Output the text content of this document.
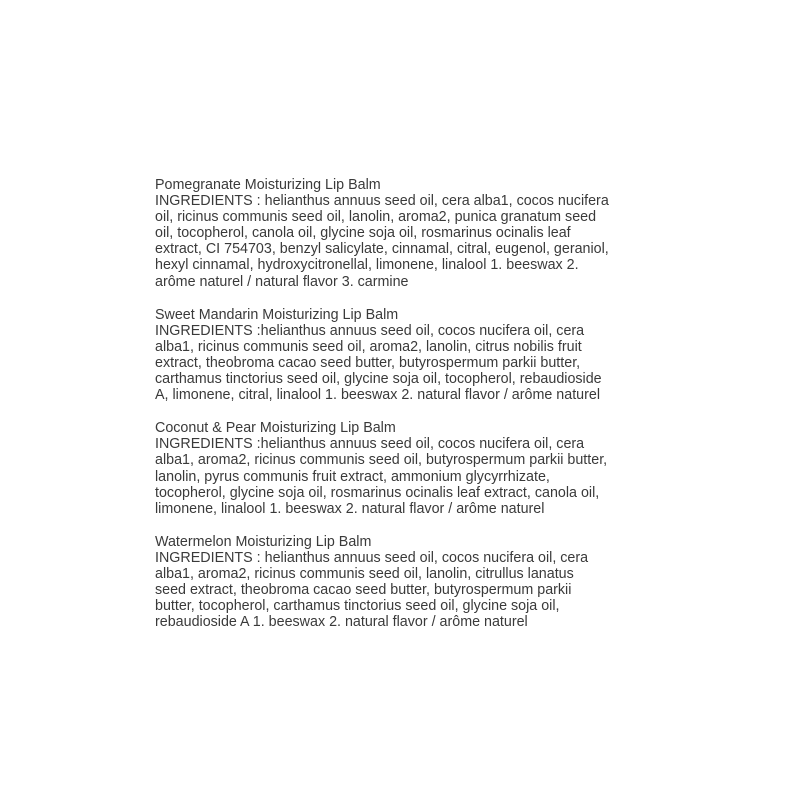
Pomegranate Moisturizing Lip Balm
INGREDIENTS : helianthus annuus seed oil, cera alba1, cocos nucifera
oil, ricinus communis seed oil, lanolin, aroma2, punica granatum seed
oil, tocopherol, canola oil, glycine soja oil, rosmarinus ocinalis leaf
extract, CI 754703, benzyl salicylate, cinnamal, citral, eugenol, geraniol,
hexyl cinnamal, hydroxycitronellal, limonene, linalool 1. beeswax 2.
arôme naturel / natural flavor 3. carmine
Sweet Mandarin Moisturizing Lip Balm
INGREDIENTS :helianthus annuus seed oil, cocos nucifera oil, cera
alba1, ricinus communis seed oil, aroma2, lanolin, citrus nobilis fruit
extract, theobroma cacao seed butter, butyrospermum parkii butter,
carthamus tinctorius seed oil, glycine soja oil, tocopherol, rebaudioside
A, limonene, citral, linalool 1. beeswax 2. natural flavor / arôme naturel
Coconut & Pear Moisturizing Lip Balm
INGREDIENTS :helianthus annuus seed oil, cocos nucifera oil, cera
alba1, aroma2, ricinus communis seed oil, butyrospermum parkii butter,
lanolin, pyrus communis fruit extract, ammonium glycyrrhizate,
tocopherol, glycine soja oil, rosmarinus ocinalis leaf extract, canola oil,
limonene, linalool 1. beeswax 2. natural flavor / arôme naturel
Watermelon Moisturizing Lip Balm
INGREDIENTS : helianthus annuus seed oil, cocos nucifera oil, cera
alba1, aroma2, ricinus communis seed oil, lanolin, citrullus lanatus
seed extract, theobroma cacao seed butter, butyrospermum parkii
butter, tocopherol, carthamus tinctorius seed oil, glycine soja oil,
rebaudioside A 1. beeswax 2. natural flavor / arôme naturel
